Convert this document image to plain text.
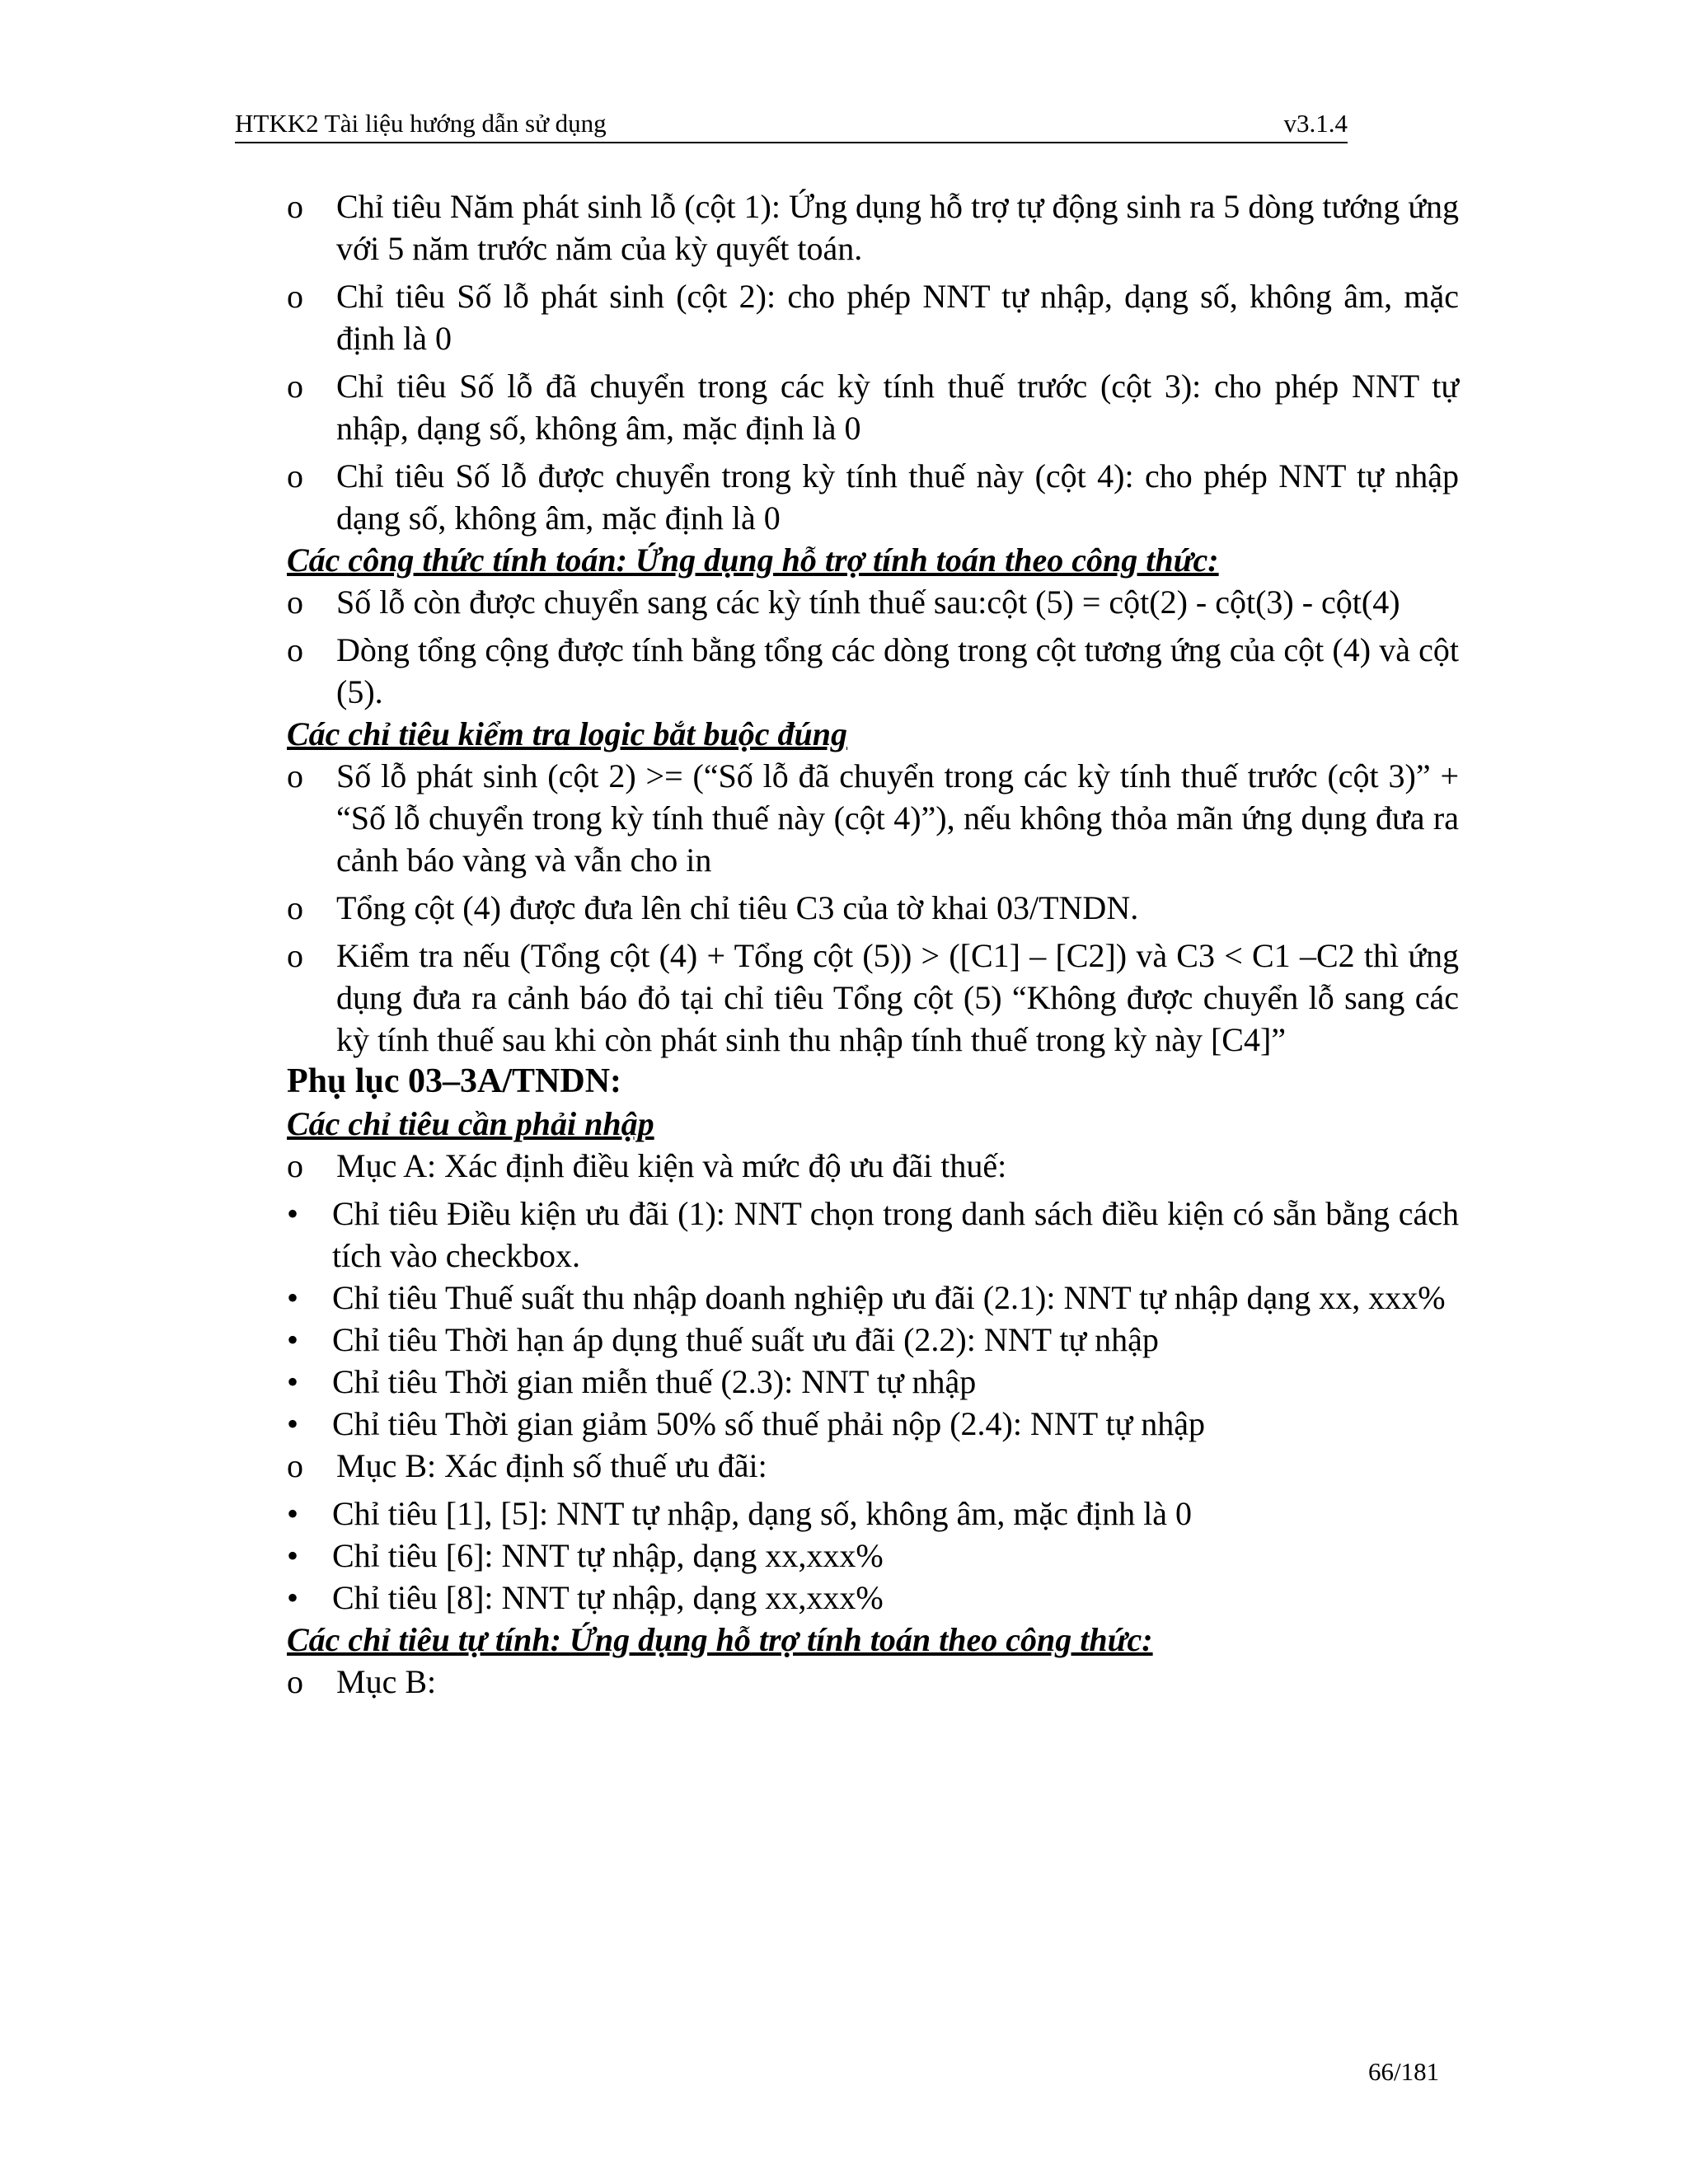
HTKK2 Tài liệu hướng dẫn sử dụng	v3.1.4

o Chỉ tiêu Năm phát sinh lỗ (cột 1): Ứng dụng hỗ trợ tự động sinh ra 5 dòng tướng ứng với 5 năm trước năm của kỳ quyết toán.

o Chỉ tiêu Số lỗ phát sinh (cột 2): cho phép NNT tự nhập, dạng số, không âm, mặc định là 0

o Chỉ tiêu Số lỗ đã chuyển trong các kỳ tính thuế trước (cột 3): cho phép NNT tự nhập, dạng số, không âm, mặc định là 0

o Chỉ tiêu Số lỗ được chuyển trong kỳ tính thuế này (cột 4): cho phép NNT tự nhập dạng số, không âm, mặc định là 0

Các công thức tính toán: Ứng dụng hỗ trợ tính toán theo công thức:

o Số lỗ còn được chuyển sang các kỳ tính thuế sau:cột (5) = cột(2) - cột(3) - cột(4)

o Dòng tổng cộng được tính bằng tổng các dòng trong cột tương ứng của cột (4) và cột (5).

Các chỉ tiêu kiểm tra logic bắt buộc đúng

o Số lỗ phát sinh (cột 2) >= (“Số lỗ đã chuyển trong các kỳ tính thuế trước (cột 3)” + “Số lỗ chuyển trong kỳ tính thuế này (cột 4)”), nếu không thỏa mãn ứng dụng đưa ra cảnh báo vàng và vẫn cho in

o Tổng cột (4) được đưa lên chỉ tiêu C3 của tờ khai 03/TNDN.

o Kiểm tra nếu (Tổng cột (4) + Tổng cột (5)) > ([C1] – [C2]) và C3 < C1 –C2 thì ứng dụng đưa ra cảnh báo đỏ tại chỉ tiêu Tổng cột (5) “Không được chuyển lỗ sang các kỳ tính thuế sau khi còn phát sinh thu nhập tính thuế trong kỳ này [C4]”

Phụ lục 03–3A/TNDN:

Các chỉ tiêu cần phải nhập

o Mục A: Xác định điều kiện và mức độ ưu đãi thuế:

• Chỉ tiêu Điều kiện ưu đãi (1): NNT chọn trong danh sách điều kiện có sẵn bằng cách tích vào checkbox.

• Chỉ tiêu Thuế suất thu nhập doanh nghiệp ưu đãi (2.1): NNT tự nhập dạng xx, xxx%

• Chỉ tiêu Thời hạn áp dụng thuế suất ưu đãi (2.2): NNT tự nhập

• Chỉ tiêu Thời gian miễn thuế (2.3): NNT tự nhập

• Chỉ tiêu Thời gian giảm 50% số thuế phải nộp (2.4): NNT tự nhập

o Mục B: Xác định số thuế ưu đãi:

• Chỉ tiêu [1], [5]: NNT tự nhập, dạng số, không âm, mặc định là 0

• Chỉ tiêu [6]: NNT tự nhập, dạng xx,xxx%

• Chỉ tiêu [8]: NNT tự nhập, dạng xx,xxx%

Các chỉ tiêu tự tính: Ứng dụng hỗ trợ tính toán theo công thức:

o Mục B:

66/181
